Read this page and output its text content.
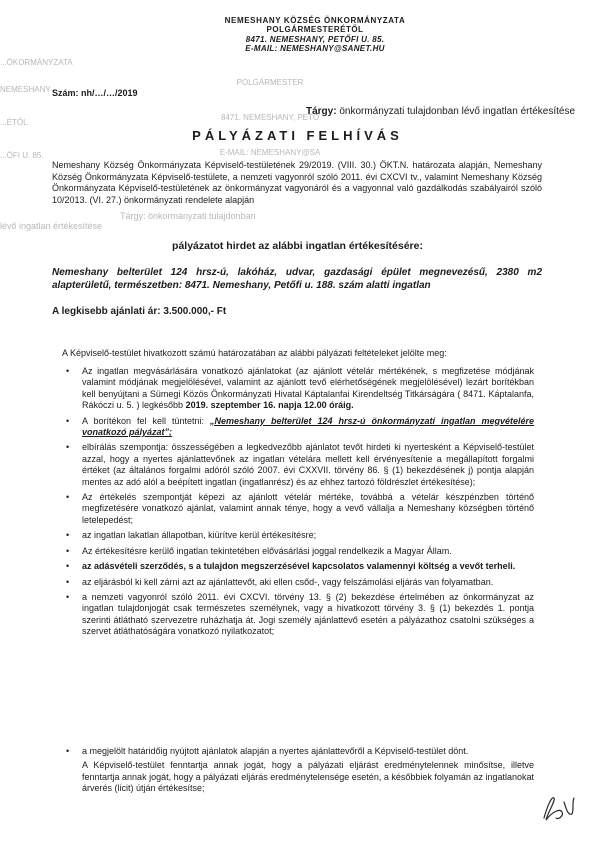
...ÖKORMÁNYZATA

NEMESHANY

...ÉTŐL

...ÖFI U. 85.

POLGÁRMESTER

8471. NEMESHANY, PETŐ

E-MAIL: NEMESHANY@SA

Tárgy: önkormányzati tulajdonban
lévő ingatlan értékesítése
NEMESHANY KÖZSÉG ÖNKORMÁNYZATA
POLGÁRMESTERÉTŐL
8471. NEMESHANY, PETŐFI U. 85.
E-MAIL: NEMESHANY@SANET.HU
Szám: nh/…/…/2019
Tárgy: önkormányzati tulajdonban lévő ingatlan értékesítése
PÁLYÁZATI FELHÍVÁS
Nemeshany Község Önkormányzata Képviselő-testületének 29/2019. (VIII. 30.) ÖKT.N. határozata alapján, Nemeshany Község Önkormányzata Képviselő-testülete, a nemzeti vagyonról szóló 2011. évi CXCVI tv., valamint Nemeshany Község Önkormányzata Képviselő-testületének az önkormányzat vagyonáról és a vagyonnal való gazdálkodás szabályairól szóló 10/2013. (VI. 27.) önkormányzati rendelete alapján
pályázatot hirdet az alábbi ingatlan értékesítésére:
Nemeshany belterület 124 hrsz-ú, lakóház, udvar, gazdasági épület megnevezésű, 2380 m2 alapterületű, természetben: 8471. Nemeshany, Petőfi u. 188. szám alatti ingatlan
A legkisebb ajánlati ár: 3.500.000,- Ft
A Képviselő-testület hivatkozott számú határozatában az alábbi pályázati feltételeket jelölte meg:
• Az ingatlan megvásárlására vonatkozó ajánlatokat (az ajánlott vételár mértékének, s megfizetése módjának valamint módjának megjelölésével, valamint az ajánlott tevő elérhetőségének megjelölésével) lezárt borítékban kell benyújtani a Sümegi Közös Önkormányzati Hivatal Káptalanfai Kirendeltség Titkárságára ( 8471. Káptalanfa, Rákóczi u. 5. ) legkésőbb 2019. szeptember 16. napja 12.00 óráig.
• A borítékon fel kell tüntetni: „Nemeshany belterület 124 hrsz-ú önkormányzati ingatlan megvételére vonatkozó pályázat”;
• elbírálás szempontja: összességében a legkedvezőbb ajánlatot tevőt hirdeti ki nyertesként a Képviselő-testület azzal, hogy a nyertes ajánlattevőnek az ingatlan vételára mellett kell érvényesítenie a megállapított forgalmi értéket (az általános forgalmi adóról szóló 2007. évi CXXVII. törvény 86. § (1) bekezdésének j) pontja alapján mentes az adó alól a beépített ingatlan (ingatlanrész) és az ehhez tartozó földrészlet értékesítése);
• Az értékelés szempontját képezi az ajánlott vételár mértéke, továbbá a vételár készpénzben történő megfizetésére vonatkozó ajánlat, valamint annak ténye, hogy a vevő vállalja a Nemeshany községben történő letelepedést;
• az ingatlan lakatlan állapotban, kiürítve kerül értékesítésre;
• Az értékesítésre kerülő ingatlan tekintetében elővásárlási joggal rendelkezik a Magyar Állam.
• az adásvételi szerződés, s a tulajdon megszerzésével kapcsolatos valamennyi költség a vevőt terheli.
• az eljárásból ki kell zárni azt az ajánlattevőt, aki ellen csőd-, vagy felszámolási eljárás van folyamatban.
• a nemzeti vagyonról szóló 2011. évi CXCVI. törvény 13. § (2) bekezdése értelmében az önkormányzat az ingatlan tulajdonjogát csak természetes személynek, vagy a hivatkozott törvény 3. § (1) bekezdés 1. pontja szerinti átlátható szervezetre ruházhatja át. Jogi személy ajánlattevő esetén a pályázathoz csatolni szükséges a szervet átláthatóságára vonatkozó nyilatkozatot;
• a megjelölt határidőig nyújtott ajánlatok alapján a nyertes ajánlattevőről a Képviselő-testület dönt.
A Képviselő-testület fenntartja annak jogát, hogy a pályázati eljárást eredménytelennek minősítse, illetve fenntartja annak jogát, hogy a pályázati eljárás eredménytelensége esetén, a későbbiek folyamán az ingatlanokat árverés (licit) útján értékesítse;
